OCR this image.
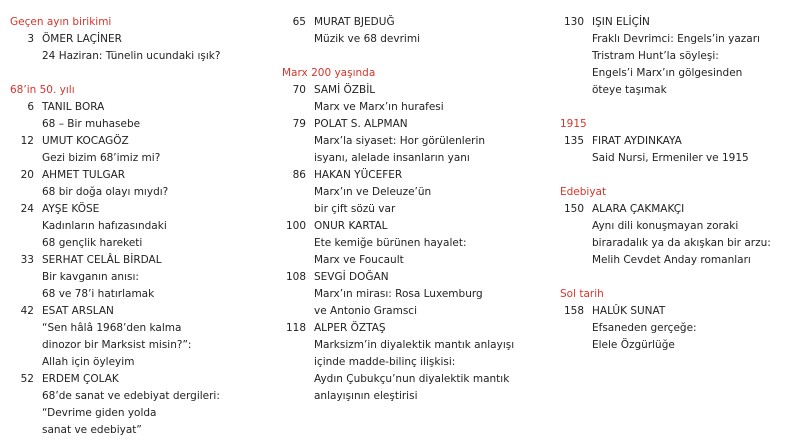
Geçen ayın birikimi
3 ÖMER LAÇİNER
24 Haziran: Tünelin ucundaki ışık?
68’in 50. yılı
6 TANIL BORA
68 – Bir muhasebe
12 UMUT KOCAGÖZ
Gezi bizim 68’imiz mi?
20 AHMET TULGAR
68 bir doğa olayı mıydı?
24 AYŞE KÖSE
Kadınların hafızasındaki
68 gençlik hareketi
33 SERHAT CELÂL BİRDAL
Bir kavganın anısı:
68 ve 78’i hatırlamak
42 ESAT ARSLAN
“Sen hâlâ 1968’den kalma
dinozor bir Marksist misin?”:
Allah için öyleyim
52 ERDEM ÇOLAK
68’de sanat ve edebiyat dergileri:
“Devrime giden yolda
sanat ve edebiyat”
65 MURAT BJEDUĞ
Müzik ve 68 devrimi
Marx 200 yaşında
70 SAMİ ÖZBİL
Marx ve Marx’ın hurafesi
79 POLAT S. ALPMAN
Marx’la siyaset: Hor görülenlerin
isyanı, alelade insanların yanı
86 HAKAN YÜCEFER
Marx’ın ve Deleuze’ün
bir çift sözü var
100 ONUR KARTAL
Ete kemiğe bürünen hayalet:
Marx ve Foucault
108 SEVGİ DOĞAN
Marx’ın mirası: Rosa Luxemburg
ve Antonio Gramsci
118 ALPER ÖZTAŞ
Marksizm’in diyalektik mantık anlayışı
içinde madde-bilinç ilişkisi:
Aydın Çubukçu’nun diyalektik mantık
anlayışının eleştirisi
130 IŞIN ELİÇİN
Fraklı Devrimci: Engels’in yazarı
Tristram Hunt’la söyleşi:
Engels’i Marx’ın gölgesinden
öteye taşımak
1915
135 FIRAT AYDINKAYA
Said Nursi, Ermeniler ve 1915
Edebiyat
150 ALARA ÇAKMAKÇI
Aynı dili konuşmayan zoraki
biraradalık ya da akışkan bir arzu:
Melih Cevdet Anday romanları
Sol tarih
158 HALÛK SUNAT
Efsaneden gerçeğe:
Elele Özgürlüğe
